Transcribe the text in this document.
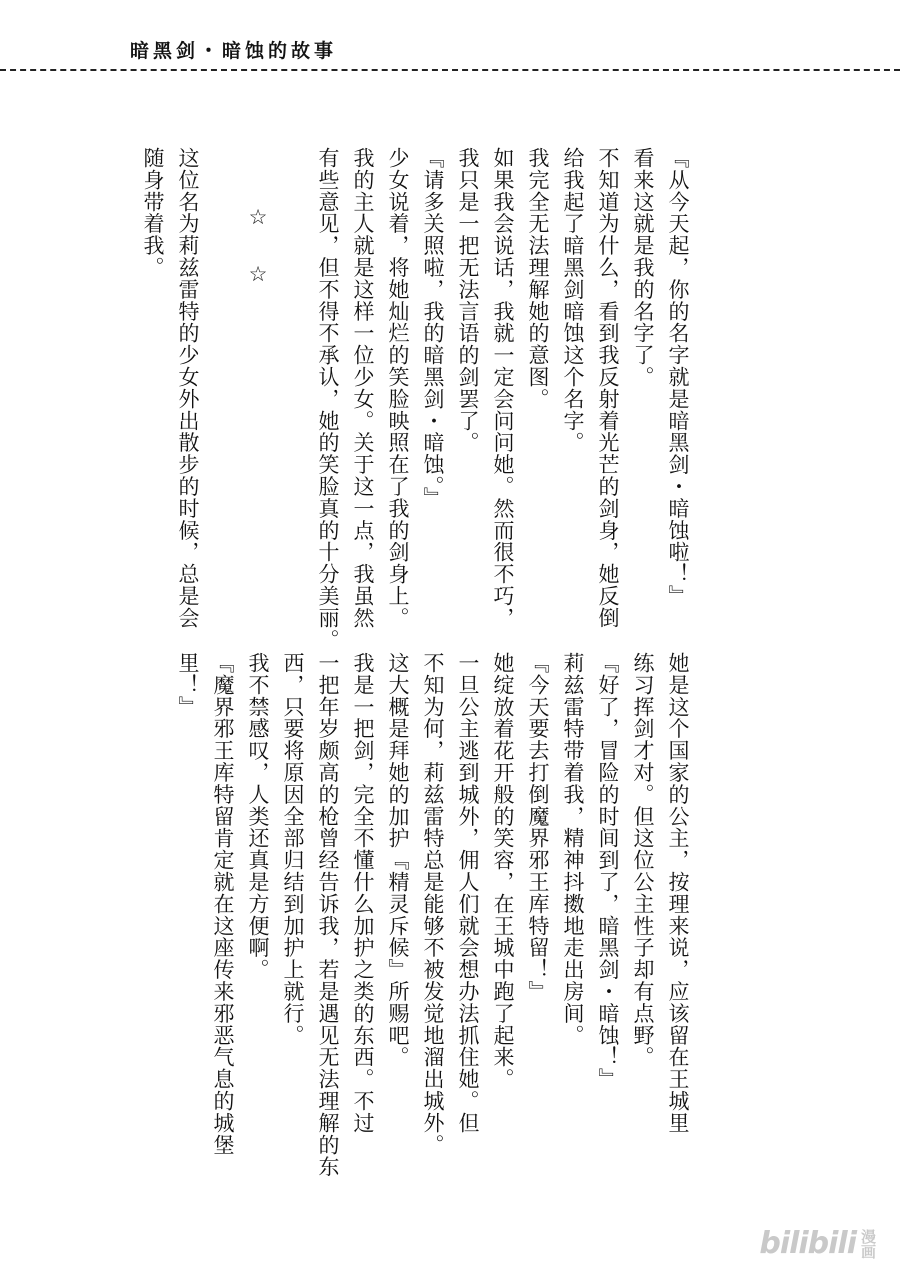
暗黑剑・暗蚀的故事

『从今天起，你的名字就是暗黑剑・暗蚀啦！』

看来这就是我的名字了。

不知道为什么，看到我反射着光芒的剑身，她反倒

给我起了暗黑剑暗蚀这个名字。

我完全无法理解她的意图。

如果我会说话，我就一定会问问她。然而很不巧，

我只是一把无法言语的剑罢了。

『请多关照啦，我的暗黑剑・暗蚀。』

少女说着，将她灿烂的笑脸映照在了我的剑身上。

我的主人就是这样一位少女。关于这一点，我虽然

有些意见，但不得不承认，她的笑脸真的十分美丽。

☆　☆

这位名为莉兹雷特的少女外出散步的时候，总是会

随身带着我。

她是这个国家的公主，按理来说，应该留在王城里

练习挥剑才对。但这位公主性子却有点野。

『好了，冒险的时间到了，暗黑剑・暗蚀！』

莉兹雷特带着我，精神抖擞地走出房间。

『今天要去打倒魔界邪王库特留！』

她绽放着花开般的笑容，在王城中跑了起来。

一旦公主逃到城外，佣人们就会想办法抓住她。但

不知为何，莉兹雷特总是能够不被发觉地溜出城外。

这大概是拜她的加护『精灵斥候』所赐吧。

我是一把剑，完全不懂什么加护之类的东西。不过

一把年岁颇高的枪曾经告诉我，若是遇见无法理解的东

西，只要将原因全部归结到加护上就行。

我不禁感叹，人类还真是方便啊。

『魔界邪王库特留肯定就在这座传来邪恶气息的城堡

里！』

bilibili 漫画
